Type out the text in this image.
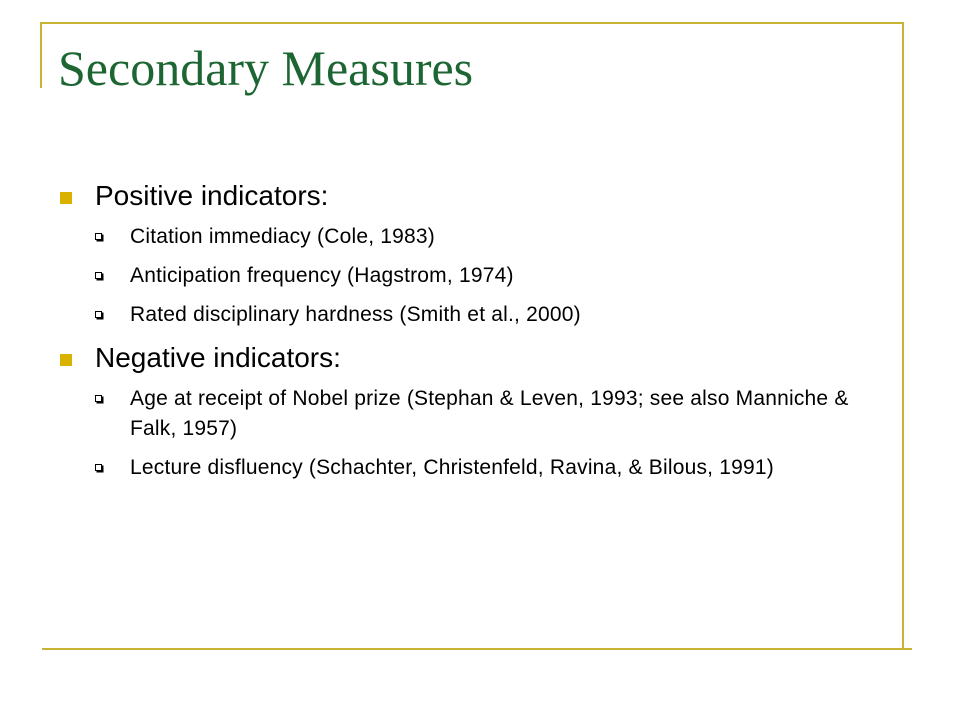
Secondary Measures
Positive indicators:
Citation immediacy (Cole, 1983)
Anticipation frequency (Hagstrom, 1974)
Rated disciplinary hardness (Smith et al., 2000)
Negative indicators:
Age at receipt of Nobel prize (Stephan & Leven, 1993; see also Manniche & Falk, 1957)
Lecture disfluency (Schachter, Christenfeld, Ravina, & Bilous, 1991)
